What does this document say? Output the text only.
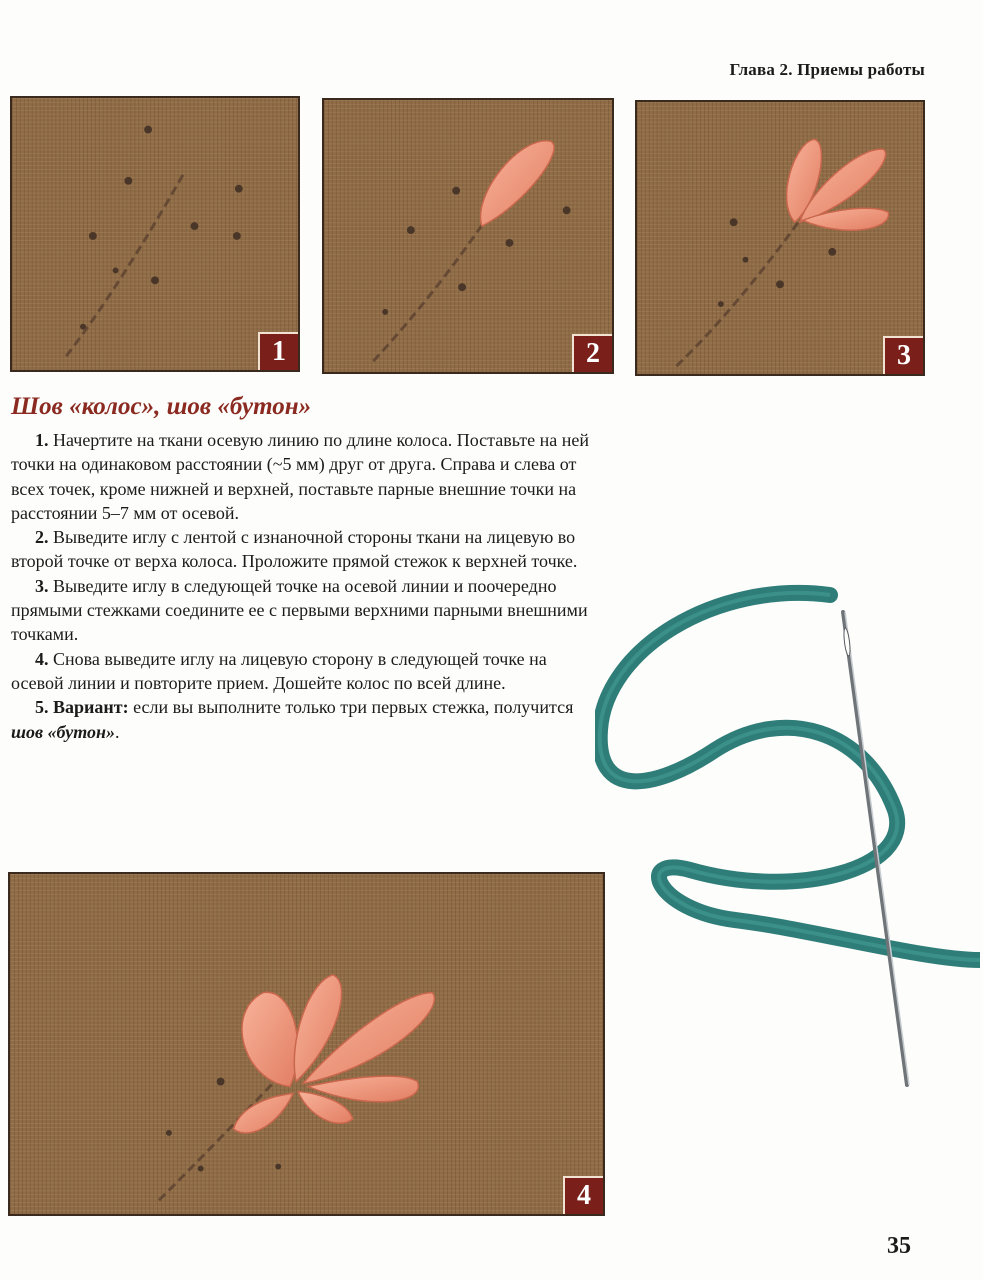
Глава 2. Приемы работы
1	2	3
Шов «колос», шов «бутон»

1. Начертите на ткани осевую линию по длине колоса. Поставьте на ней точки на одинаковом расстоянии (~5 мм) друг от друга. Справа и слева от всех точек, кроме нижней и верхней, поставьте парные внешние точки на расстоянии 5–7 мм от осевой.

2. Выведите иглу с лентой с изнаночной стороны ткани на лицевую во второй точке от верха колоса. Проложите прямой стежок к верхней точке.

3. Выведите иглу в следующей точке на осевой линии и поочередно прямыми стежками соедините ее с первыми верхними парными внешними точками.

4. Снова выведите иглу на лицевую сторону в следующей точке на осевой линии и повторите прием. Дошейте колос по всей длине.

5. Вариант: если вы выполните только три первых стежка, получится шов «бутон».

4
35
